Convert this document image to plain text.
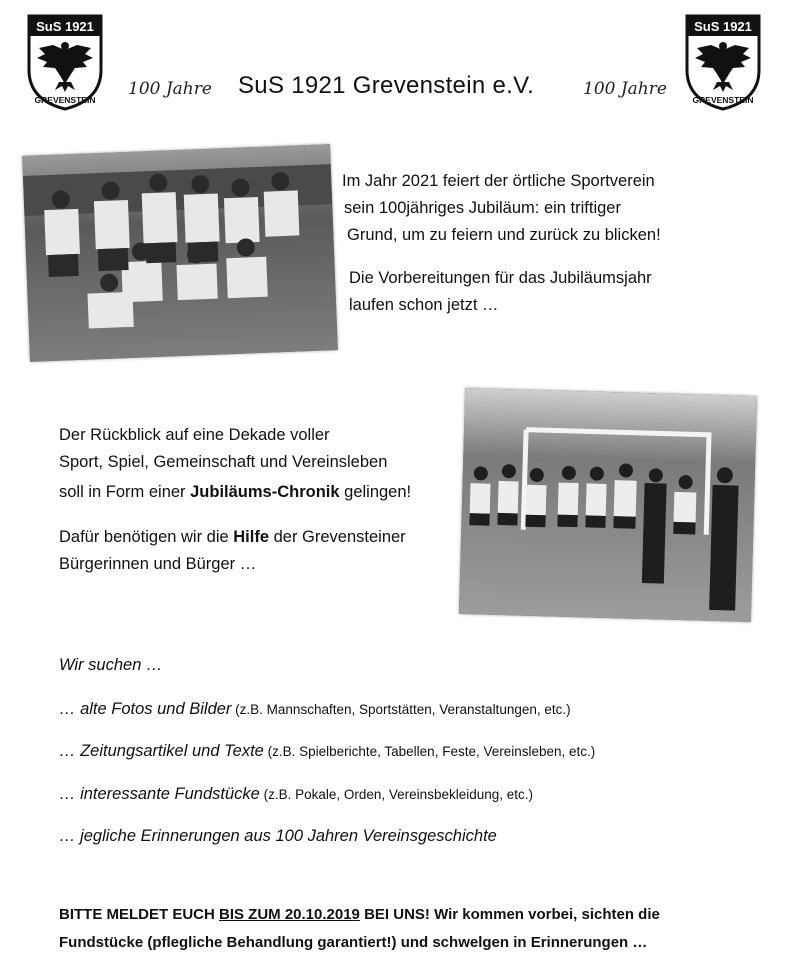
SuS 1921
GREVENSTEIN
SuS 1921
GREVENSTEIN
100 Jahre SuS 1921 Grevenstein e.V.	100 Jahre
Im Jahr 2021 feiert der örtliche Sportverein
sein 100jähriges Jubiläum: ein triftiger
Grund, um zu feiern und zurück zu blicken!
Die Vorbereitungen für das Jubiläumsjahr
laufen schon jetzt …
Der Rückblick auf eine Dekade voller
Sport, Spiel, Gemeinschaft und Vereinsleben
soll in Form einer Jubiläums-Chronik gelingen!
Dafür benötigen wir die Hilfe der Grevensteiner
Bürgerinnen und Bürger …
Wir suchen …
… alte Fotos und Bilder (z.B. Mannschaften, Sportstätten, Veranstaltungen, etc.)
… Zeitungsartikel und Texte (z.B. Spielberichte, Tabellen, Feste, Vereinsleben, etc.)
… interessante Fundstücke (z.B. Pokale, Orden, Vereinsbekleidung, etc.)
… jegliche Erinnerungen aus 100 Jahren Vereinsgeschichte
BITTE MELDET EUCH BIS ZUM 20.10.2019 BEI UNS! Wir kommen vorbei, sichten die
Fundstücke (pflegliche Behandlung garantiert!) und schwelgen in Erinnerungen …
